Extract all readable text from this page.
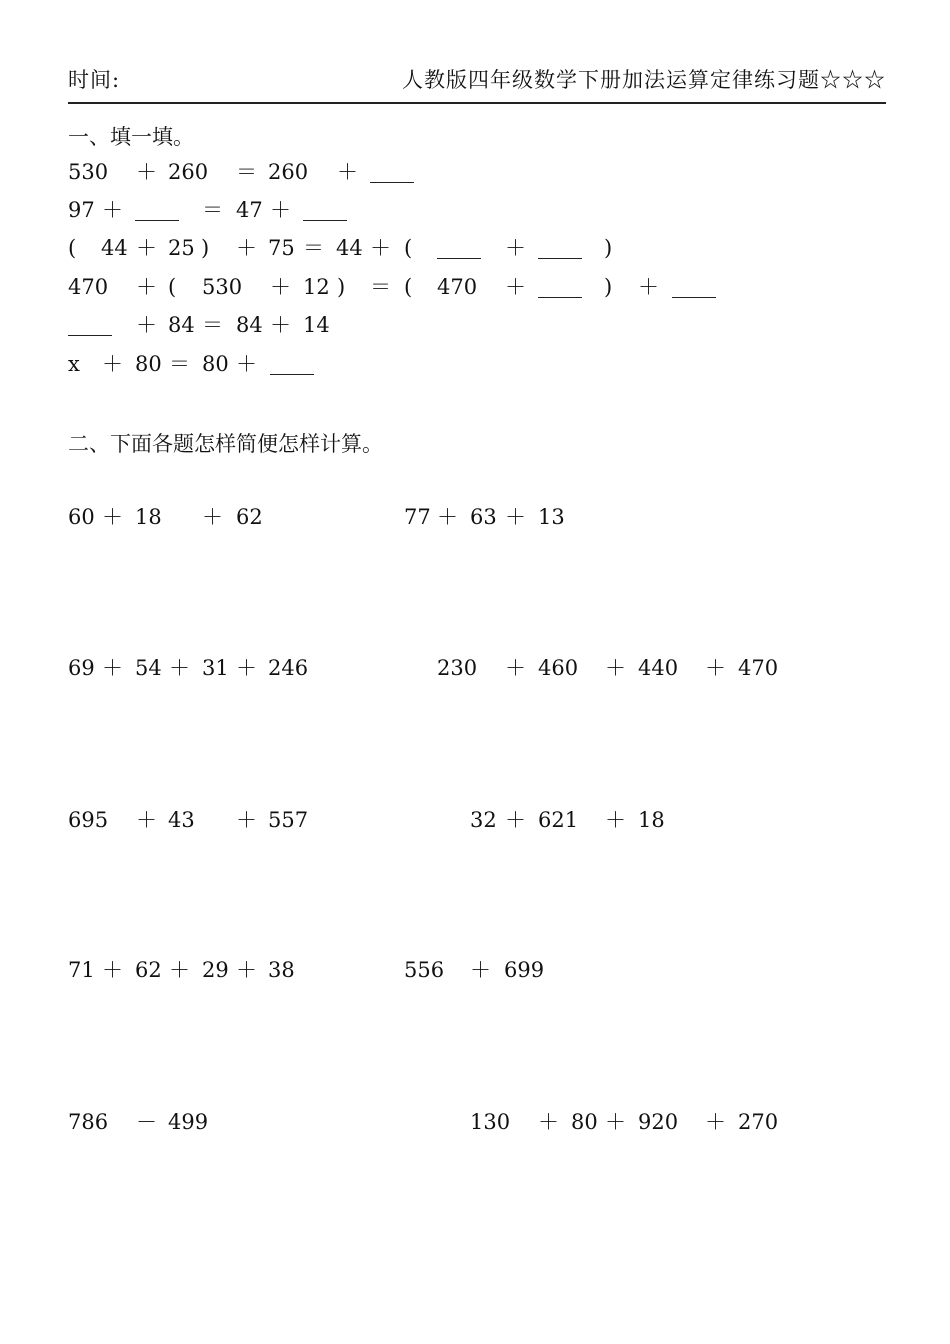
时间:	人教版四年级数学下册加法运算定律练习题☆☆☆
一、填一填。
530 ＋ 260 ＝ 260 ＋
97 ＋	＝ 47 ＋
( 44 ＋ 25 ) ＋ 75 ＝ 44 ＋ (	＋	)
470 ＋ ( 530 ＋ 12 ) ＝ ( 470 ＋	) ＋
＋ 84 ＝ 84 ＋ 14
x ＋ 80 ＝ 80 ＋
二、下面各题怎样简便怎样计算。
60 ＋ 18 ＋ 62	77 ＋ 63 ＋ 13
69 ＋ 54 ＋ 31 ＋ 246	230 ＋ 460 ＋ 440 ＋ 470
695 ＋ 43 ＋ 557	32 ＋ 621 ＋ 18
71 ＋ 62 ＋ 29 ＋ 38	556 ＋ 699
786 － 499	130 ＋ 80 ＋ 920 ＋ 270
